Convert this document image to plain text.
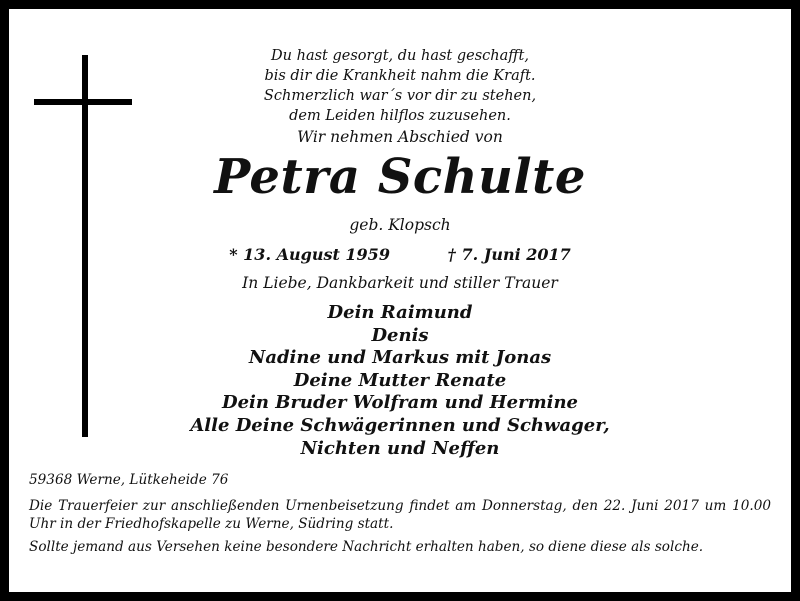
Du hast gesorgt, du hast geschafft,
bis dir die Krankheit nahm die Kraft.
Schmerzlich war´s vor dir zu stehen,
dem Leiden hilflos zuzusehen.
Wir nehmen Abschied von
Petra Schulte
geb. Klopsch
* 13. August 1959	† 7. Juni 2017
In Liebe, Dankbarkeit und stiller Trauer
Dein Raimund
Denis
Nadine und Markus mit Jonas
Deine Mutter Renate
Dein Bruder Wolfram und Hermine
Alle Deine Schwägerinnen und Schwager,
Nichten und Neffen
59368 Werne, Lütkeheide 76
Die Trauerfeier zur anschließenden Urnenbeisetzung findet am Donnerstag, den 22. Juni 2017 um 10.00 Uhr in der Friedhofskapelle zu Werne, Südring statt.
Sollte jemand aus Versehen keine besondere Nachricht erhalten haben, so diene diese als solche.
